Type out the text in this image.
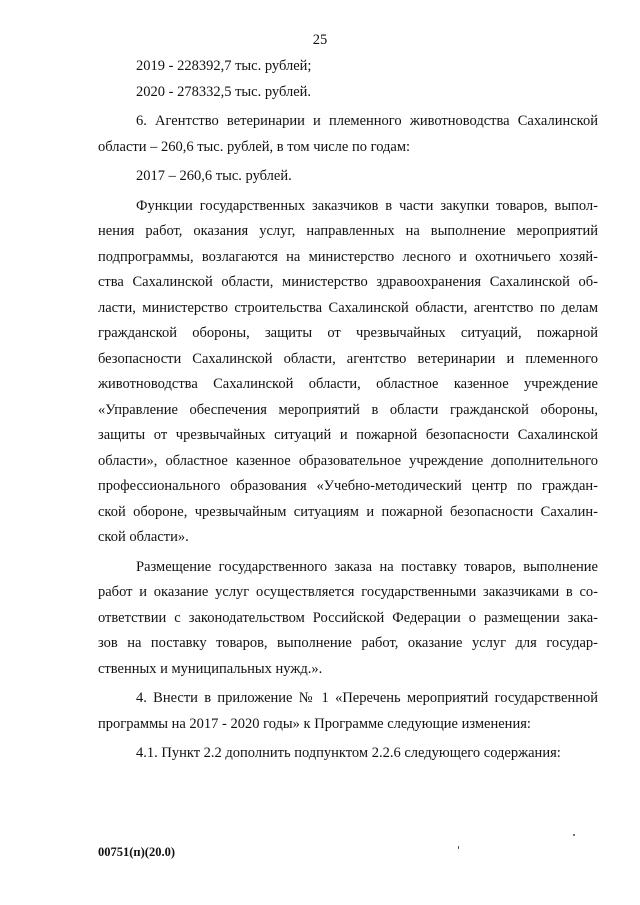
25
2019 - 228392,7 тыс. рублей;
2020 - 278332,5 тыс. рублей.
6. Агентство ветеринарии и племенного животноводства Сахалинской
области – 260,6 тыс. рублей, в том числе по годам:
2017 – 260,6 тыс. рублей.
Функции государственных заказчиков в части закупки товаров, выпол-
нения работ, оказания услуг, направленных на выполнение мероприятий
подпрограммы, возлагаются на министерство лесного и охотничьего хозяй-
ства Сахалинской области, министерство здравоохранения Сахалинской об-
ласти, министерство строительства Сахалинской области, агентство по делам
гражданской обороны, защиты от чрезвычайных ситуаций, пожарной
безопасности Сахалинской области, агентство ветеринарии и племенного
животноводства Сахалинской области, областное казенное учреждение
«Управление обеспечения мероприятий в области гражданской обороны,
защиты от чрезвычайных ситуаций и пожарной безопасности Сахалинской
области», областное казенное образовательное учреждение дополнительного
профессионального образования «Учебно-методический центр по граждан-
ской обороне, чрезвычайным ситуациям и пожарной безопасности Сахалин-
ской области».
Размещение государственного заказа на поставку товаров, выполнение
работ и оказание услуг осуществляется государственными заказчиками в со-
ответствии с законодательством Российской Федерации о размещении зака-
зов на поставку товаров, выполнение работ, оказание услуг для государ-
ственных и муниципальных нужд.».
4. Внести в приложение № 1 «Перечень мероприятий государственной
программы на 2017 - 2020 годы» к Программе следующие изменения:
4.1. Пункт 2.2 дополнить подпунктом 2.2.6 следующего содержания:
00751(п)(20.0)
